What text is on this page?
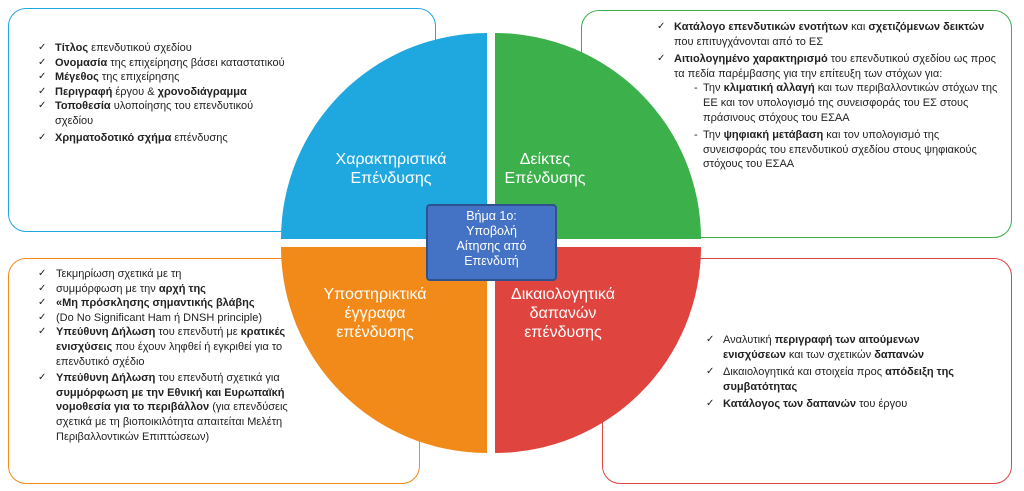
Χαρακτηριστικά
Επένδυσης
Δείκτες
Επένδυσης
Υποστηρικτικά
έγγραφα
επένδυσης
Δικαιολογητικά
δαπανών
επένδυσης
Βήμα 1ο:
Υποβολή
Αίτησης από
Επενδυτή
✓ Τίτλος επενδυτικού σχεδίου
✓ Ονομασία της επιχείρησης βάσει καταστατικού
✓ Μέγεθος της επιχείρησης
✓ Περιγραφή έργου & χρονοδιάγραμμα
✓ Τοποθεσία υλοποίησης του επενδυτικού σχεδίου
✓ Χρηματοδοτικό σχήμα επένδυσης
✓ Κατάλογο επενδυτικών ενοτήτων και σχετιζόμενων δεικτών που επιτυγχάνονται από το ΕΣ
✓ Αιτιολογημένο χαρακτηρισμό του επενδυτικού σχεδίου ως προς τα πεδία παρέμβασης για την επίτευξη των στόχων για:
- Την κλιματική αλλαγή και των περιβαλλοντικών στόχων της ΕΕ και τον υπολογισμό της συνεισφοράς του ΕΣ στους πράσινους στόχους του ΕΣΑΑ
- Την ψηφιακή μετάβαση και τον υπολογισμό της συνεισφοράς του επενδυτικού σχεδίου στους ψηφιακούς στόχους του ΕΣΑΑ
✓ Τεκμηρίωση σχετικά με τη
✓ συμμόρφωση με την αρχή της
✓ «Μη πρόσκλησης σημαντικής βλάβης
✓ (Do No Significant Ham ή DNSH principle)
✓ Υπεύθυνη Δήλωση του επενδυτή με κρατικές ενισχύσεις που έχουν ληφθεί ή εγκριθεί για το επενδυτικό σχέδιο
✓ Υπεύθυνη Δήλωση του επενδυτή σχετικά για συμμόρφωση με την Εθνική και Ευρωπαϊκή νομοθεσία για το περιβάλλον (για επενδύσεις σχετικά με τη βιοποικιλότητα απαιτείται Μελέτη Περιβαλλοντικών Επιπτώσεων)
✓ Αναλυτική περιγραφή των αιτούμενων ενισχύσεων και των σχετικών δαπανών
✓ Δικαιολογητικά και στοιχεία προς απόδειξη της συμβατότητας
✓ Κατάλογος των δαπανών του έργου
